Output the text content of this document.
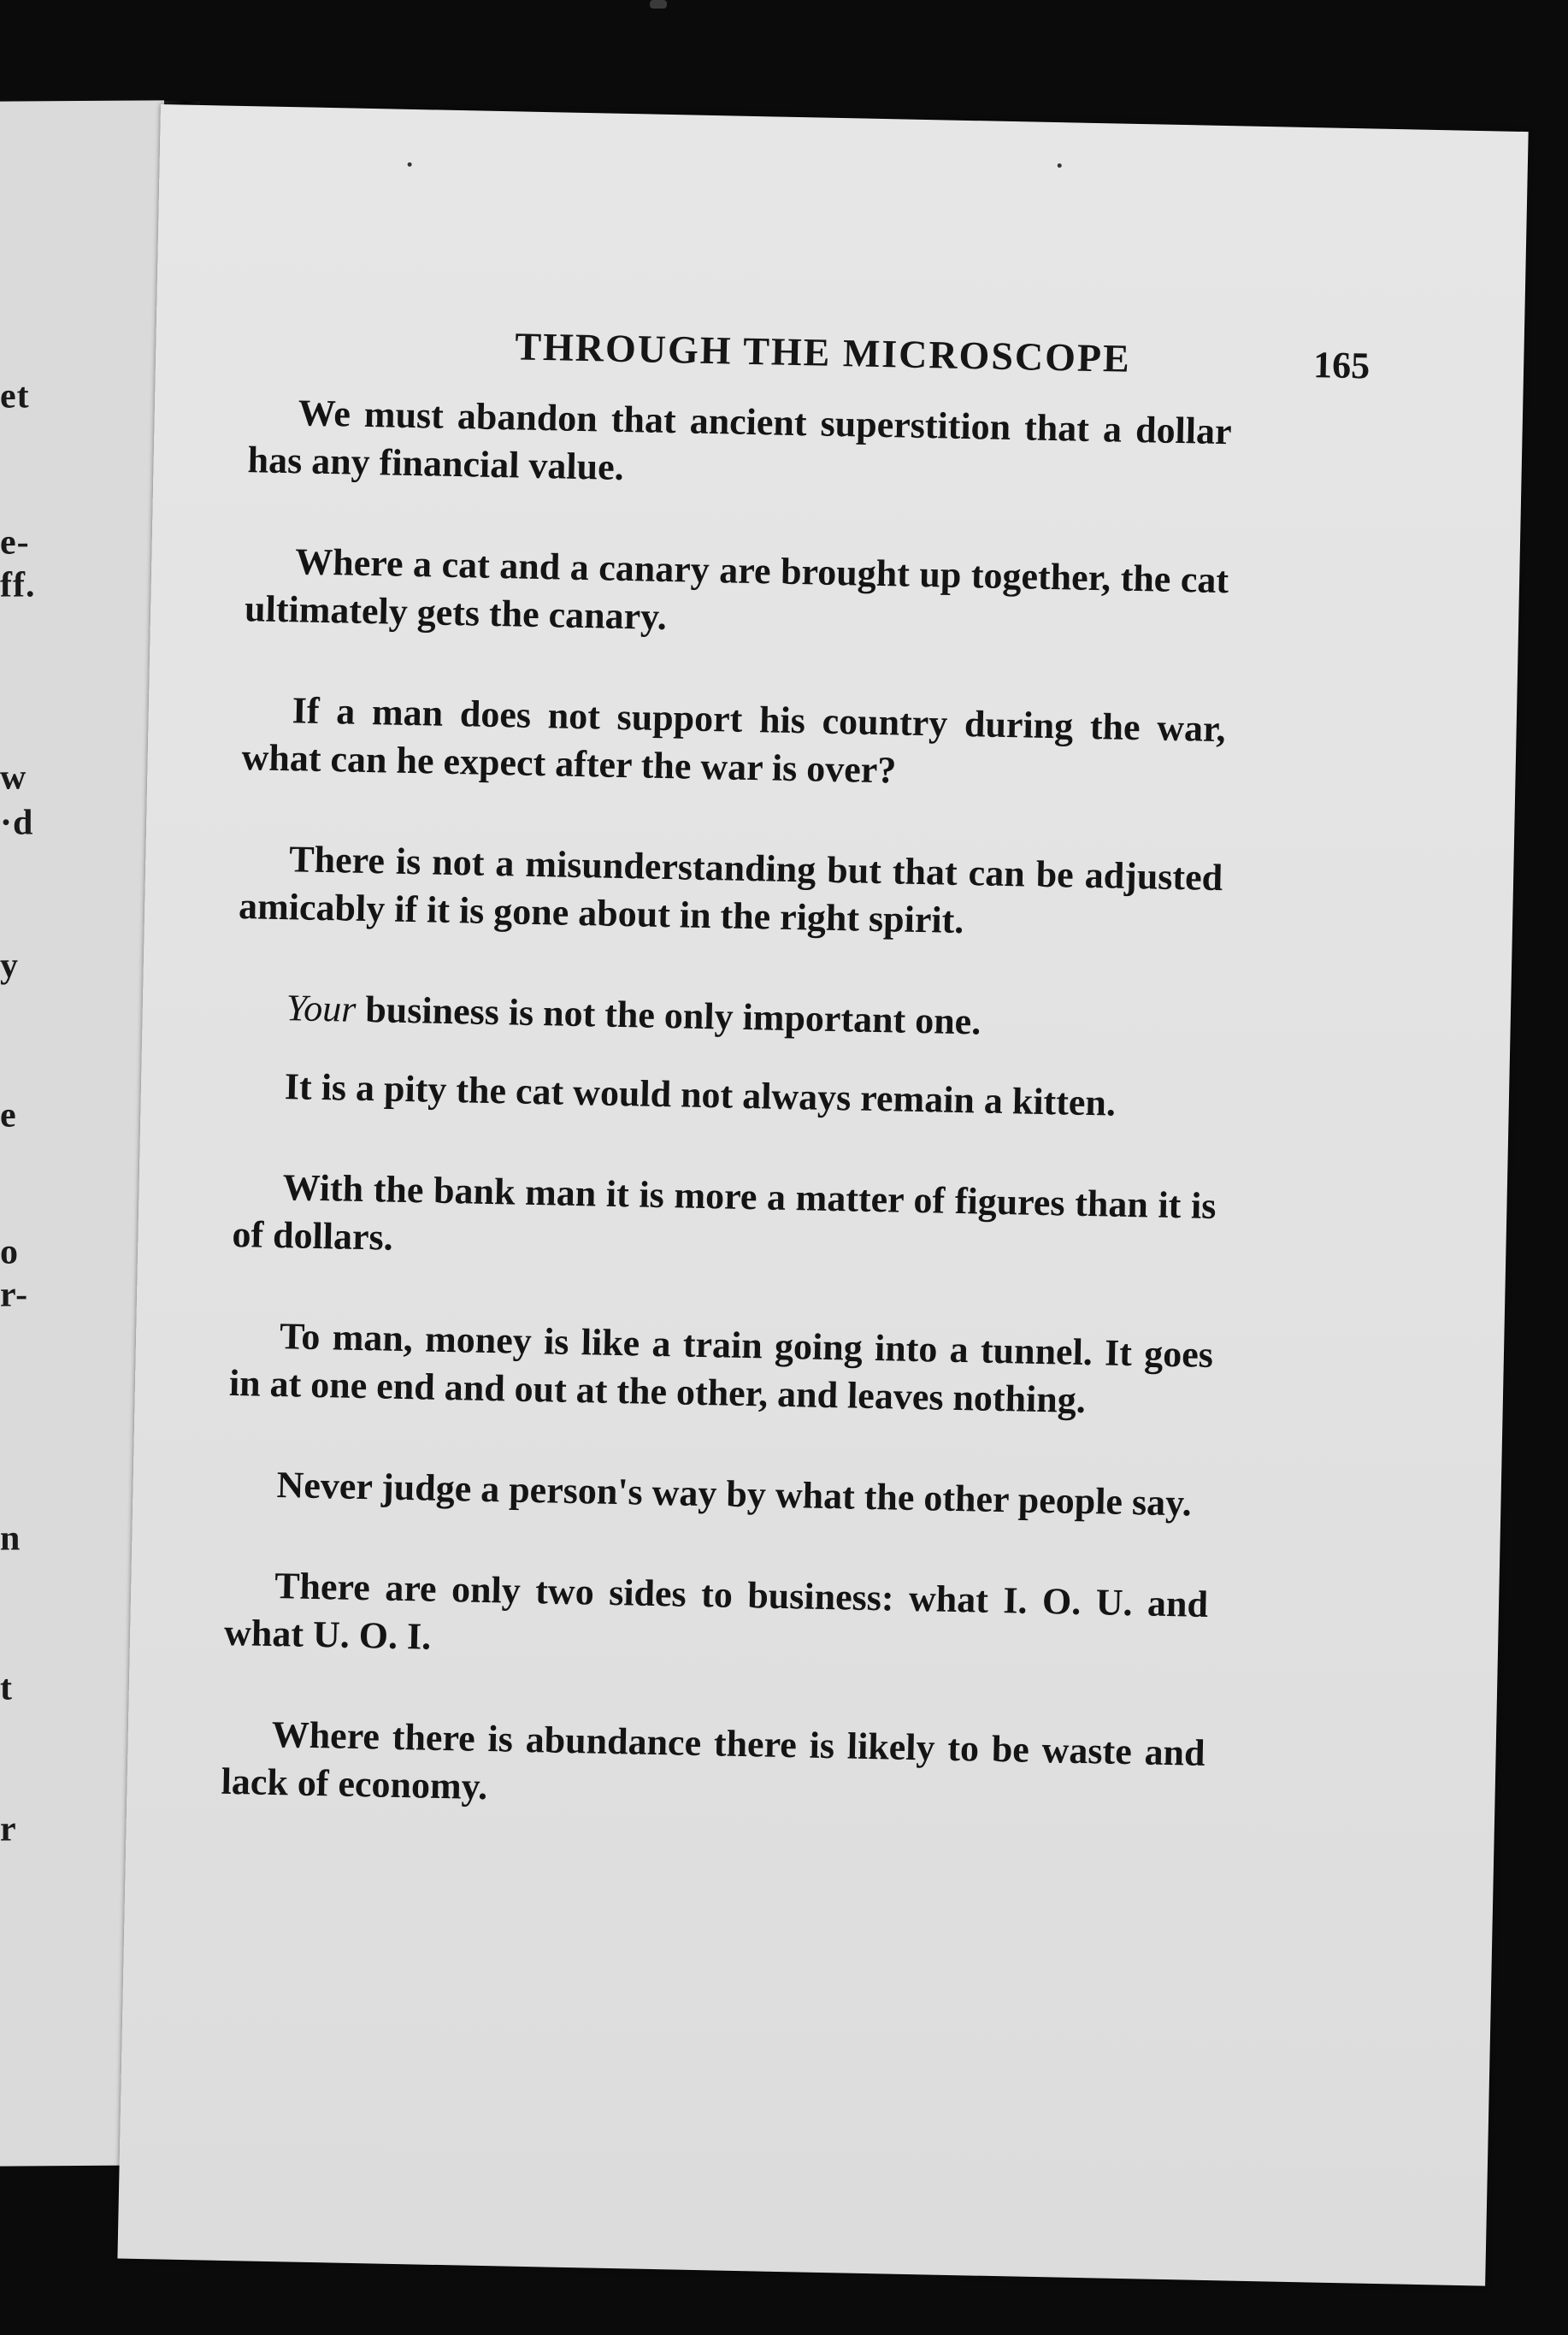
et
e-
ff.
w
·d
y
e
o
r-
n
t
r
THROUGH THE MICROSCOPE	165

We must abandon that ancient superstition that a dollar has any financial value.

Where a cat and a canary are brought up together, the cat ultimately gets the canary.

If a man does not support his country during the war, what can he expect after the war is over?

There is not a misunderstanding but that can be adjusted amicably if it is gone about in the right spirit.

Your business is not the only important one.

It is a pity the cat would not always remain a kitten.

With the bank man it is more a matter of figures than it is of dollars.

To man, money is like a train going into a tunnel. It goes in at one end and out at the other, and leaves nothing.

Never judge a person's way by what the other people say.

There are only two sides to business: what I. O. U. and what U. O. I.

Where there is abundance there is likely to be waste and lack of economy.
